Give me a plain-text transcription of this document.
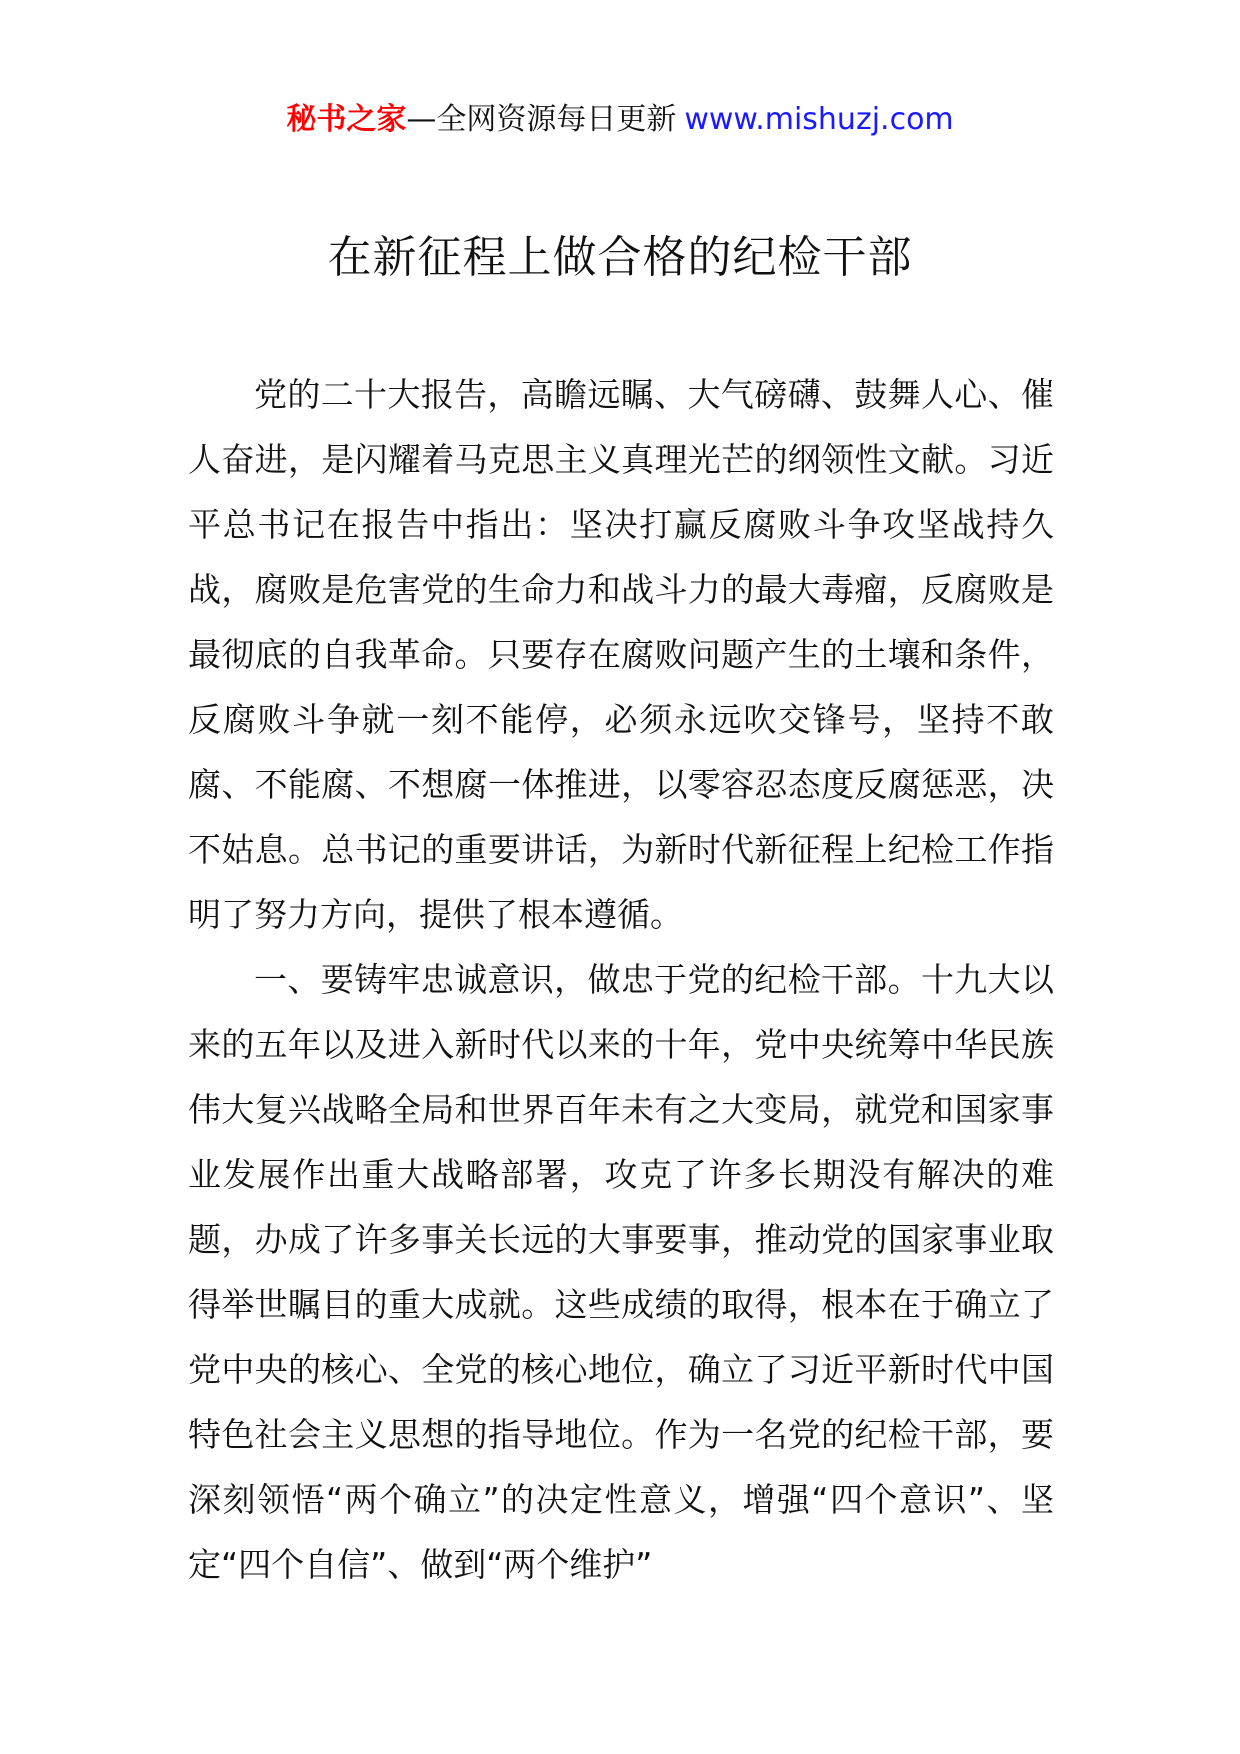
秘书之家—全网资源每日更新 www.mishuzj.com
在新征程上做合格的纪检干部

党的二十大报告，高瞻远瞩、大气磅礴、鼓舞人心、催人奋进，是闪耀着马克思主义真理光芒的纲领性文献。习近平总书记在报告中指出：坚决打赢反腐败斗争攻坚战持久战，腐败是危害党的生命力和战斗力的最大毒瘤，反腐败是最彻底的自我革命。只要存在腐败问题产生的土壤和条件，反腐败斗争就一刻不能停，必须永远吹交锋号，坚持不敢腐、不能腐、不想腐一体推进，以零容忍态度反腐惩恶，决不姑息。总书记的重要讲话，为新时代新征程上纪检工作指明了努力方向，提供了根本遵循。

一、要铸牢忠诚意识，做忠于党的纪检干部。十九大以来的五年以及进入新时代以来的十年，党中央统筹中华民族伟大复兴战略全局和世界百年未有之大变局，就党和国家事业发展作出重大战略部署，攻克了许多长期没有解决的难题，办成了许多事关长远的大事要事，推动党的国家事业取得举世瞩目的重大成就。这些成绩的取得，根本在于确立了党中央的核心、全党的核心地位，确立了习近平新时代中国特色社会主义思想的指导地位。作为一名党的纪检干部，要深刻领悟“两个确立”的决定性意义，增强“四个意识”、坚定“四个自信”、做到“两个维护”
